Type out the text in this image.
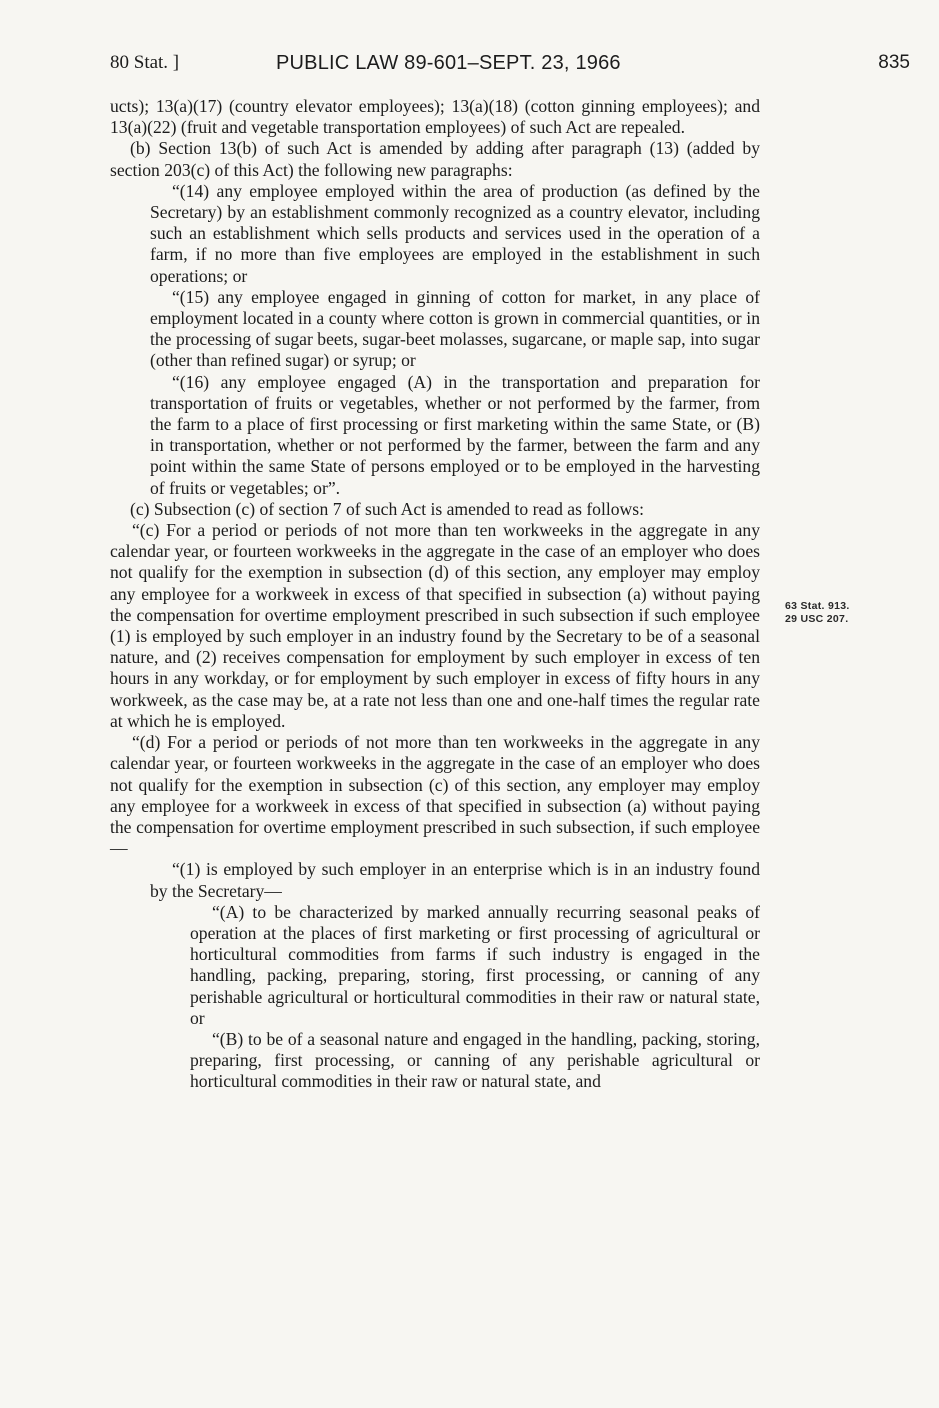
80 Stat. ]	PUBLIC LAW 89-601–SEPT. 23, 1966	835

ucts); 13(a)(17) (country elevator employees); 13(a)(18) (cotton ginning employees); and 13(a)(22) (fruit and vegetable transportation employees) of such Act are repealed.

(b) Section 13(b) of such Act is amended by adding after paragraph (13) (added by section 203(c) of this Act) the following new paragraphs:

“(14) any employee employed within the area of production (as defined by the Secretary) by an establishment commonly recognized as a country elevator, including such an establishment which sells products and services used in the operation of a farm, if no more than five employees are employed in the establishment in such operations; or

“(15) any employee engaged in ginning of cotton for market, in any place of employment located in a county where cotton is grown in commercial quantities, or in the processing of sugar beets, sugar-beet molasses, sugarcane, or maple sap, into sugar (other than refined sugar) or syrup; or

“(16) any employee engaged (A) in the transportation and preparation for transportation of fruits or vegetables, whether or not performed by the farmer, from the farm to a place of first processing or first marketing within the same State, or (B) in transportation, whether or not performed by the farmer, between the farm and any point within the same State of persons employed or to be employed in the harvesting of fruits or vegetables; or”.

(c) Subsection (c) of section 7 of such Act is amended to read as follows:

“(c) For a period or periods of not more than ten workweeks in the aggregate in any calendar year, or fourteen workweeks in the aggregate in the case of an employer who does not qualify for the exemption in subsection (d) of this section, any employer may employ any employee for a workweek in excess of that specified in subsection (a) without paying the compensation for overtime employment prescribed in such subsection if such employee (1) is employed by such employer in an industry found by the Secretary to be of a seasonal nature, and (2) receives compensation for employment by such employer in excess of ten hours in any workday, or for employment by such employer in excess of fifty hours in any workweek, as the case may be, at a rate not less than one and one-half times the regular rate at which he is employed.

“(d) For a period or periods of not more than ten workweeks in the aggregate in any calendar year, or fourteen workweeks in the aggregate in the case of an employer who does not qualify for the exemption in subsection (c) of this section, any employer may employ any employee for a workweek in excess of that specified in subsection (a) without paying the compensation for overtime employment prescribed in such subsection, if such employee—

“(1) is employed by such employer in an enterprise which is in an industry found by the Secretary—

“(A) to be characterized by marked annually recurring seasonal peaks of operation at the places of first marketing or first processing of agricultural or horticultural commodities from farms if such industry is engaged in the handling, packing, preparing, storing, first processing, or canning of any perishable agricultural or horticultural commodities in their raw or natural state, or

“(B) to be of a seasonal nature and engaged in the handling, packing, storing, preparing, first processing, or canning of any perishable agricultural or horticultural commodities in their raw or natural state, and

63 Stat. 913.
29 USC 207.
